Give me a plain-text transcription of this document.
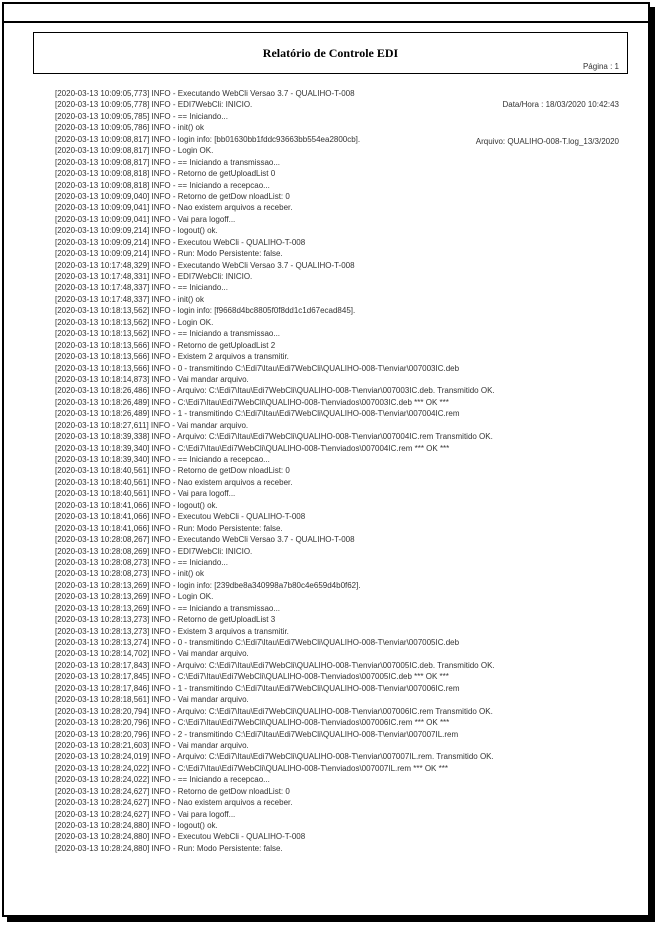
Relatório de Controle EDI

Página : 1

Data/Hora : 18/03/2020 10:42:43

Arquivo: QUALIHO-008-T.log_13/3/2020

[2020-03-13 10:09:05,773] INFO - Executando WebCli Versao 3.7 - QUALIHO-T-008
[2020-03-13 10:09:05,778] INFO - EDI7WebCli: INICIO.
[2020-03-13 10:09:05,785] INFO - == Iniciando...
[2020-03-13 10:09:05,786] INFO - init() ok
[2020-03-13 10:09:08,817] INFO - login info: [bb01630bb1fddc93663bb554ea2800cb].
[2020-03-13 10:09:08,817] INFO - Login OK.
[2020-03-13 10:09:08,817] INFO - == Iniciando a transmissao...
[2020-03-13 10:09:08,818] INFO - Retorno de getUploadList 0
[2020-03-13 10:09:08,818] INFO - == Iniciando a recepcao...
[2020-03-13 10:09:09,040] INFO - Retorno de getDow nloadList: 0
[2020-03-13 10:09:09,041] INFO - Nao existem arquivos a receber.
[2020-03-13 10:09:09,041] INFO - Vai para logoff...
[2020-03-13 10:09:09,214] INFO - logout() ok.
[2020-03-13 10:09:09,214] INFO - Executou WebCli - QUALIHO-T-008
[2020-03-13 10:09:09,214] INFO - Run: Modo Persistente: false.
[2020-03-13 10:17:48,329] INFO - Executando WebCli Versao 3.7 - QUALIHO-T-008
[2020-03-13 10:17:48,331] INFO - EDI7WebCli: INICIO.
[2020-03-13 10:17:48,337] INFO - == Iniciando...
[2020-03-13 10:17:48,337] INFO - init() ok
[2020-03-13 10:18:13,562] INFO - login info: [f9668d4bc8805f0f8dd1c1d67ecad845].
[2020-03-13 10:18:13,562] INFO - Login OK.
[2020-03-13 10:18:13,562] INFO - == Iniciando a transmissao...
[2020-03-13 10:18:13,566] INFO - Retorno de getUploadList 2
[2020-03-13 10:18:13,566] INFO - Existem 2 arquivos a transmitir.
[2020-03-13 10:18:13,566] INFO - 0 - transmitindo C:\Edi7\Itau\Edi7WebCli\QUALIHO-008-T\enviar\007003IC.deb
[2020-03-13 10:18:14,873] INFO - Vai mandar arquivo.
[2020-03-13 10:18:26,486] INFO - Arquivo: C:\Edi7\Itau\Edi7WebCli\QUALIHO-008-T\enviar\007003IC.deb. Transmitido OK.
[2020-03-13 10:18:26,489] INFO - C:\Edi7\Itau\Edi7WebCli\QUALIHO-008-T\enviados\007003IC.deb *** OK ***
[2020-03-13 10:18:26,489] INFO - 1 - transmitindo C:\Edi7\Itau\Edi7WebCli\QUALIHO-008-T\enviar\007004IC.rem
[2020-03-13 10:18:27,611] INFO - Vai mandar arquivo.
[2020-03-13 10:18:39,338] INFO - Arquivo: C:\Edi7\Itau\Edi7WebCli\QUALIHO-008-T\enviar\007004IC.rem Transmitido OK.
[2020-03-13 10:18:39,340] INFO - C:\Edi7\Itau\Edi7WebCli\QUALIHO-008-T\enviados\007004IC.rem *** OK ***
[2020-03-13 10:18:39,340] INFO - == Iniciando a recepcao...
[2020-03-13 10:18:40,561] INFO - Retorno de getDow nloadList: 0
[2020-03-13 10:18:40,561] INFO - Nao existem arquivos a receber.
[2020-03-13 10:18:40,561] INFO - Vai para logoff...
[2020-03-13 10:18:41,066] INFO - logout() ok.
[2020-03-13 10:18:41,066] INFO - Executou WebCli - QUALIHO-T-008
[2020-03-13 10:18:41,066] INFO - Run: Modo Persistente: false.
[2020-03-13 10:28:08,267] INFO - Executando WebCli Versao 3.7 - QUALIHO-T-008
[2020-03-13 10:28:08,269] INFO - EDI7WebCli: INICIO.
[2020-03-13 10:28:08,273] INFO - == Iniciando...
[2020-03-13 10:28:08,273] INFO - init() ok
[2020-03-13 10:28:13,269] INFO - login info: [239dbe8a340998a7b80c4e659d4b0f62].
[2020-03-13 10:28:13,269] INFO - Login OK.
[2020-03-13 10:28:13,269] INFO - == Iniciando a transmissao...
[2020-03-13 10:28:13,273] INFO - Retorno de getUploadList 3
[2020-03-13 10:28:13,273] INFO - Existem 3 arquivos a transmitir.
[2020-03-13 10:28:13,274] INFO - 0 - transmitindo C:\Edi7\Itau\Edi7WebCli\QUALIHO-008-T\enviar\007005IC.deb
[2020-03-13 10:28:14,702] INFO - Vai mandar arquivo.
[2020-03-13 10:28:17,843] INFO - Arquivo: C:\Edi7\Itau\Edi7WebCli\QUALIHO-008-T\enviar\007005IC.deb. Transmitido OK.
[2020-03-13 10:28:17,845] INFO - C:\Edi7\Itau\Edi7WebCli\QUALIHO-008-T\enviados\007005IC.deb *** OK ***
[2020-03-13 10:28:17,846] INFO - 1 - transmitindo C:\Edi7\Itau\Edi7WebCli\QUALIHO-008-T\enviar\007006IC.rem
[2020-03-13 10:28:18,561] INFO - Vai mandar arquivo.
[2020-03-13 10:28:20,794] INFO - Arquivo: C:\Edi7\Itau\Edi7WebCli\QUALIHO-008-T\enviar\007006IC.rem Transmitido OK.
[2020-03-13 10:28:20,796] INFO - C:\Edi7\Itau\Edi7WebCli\QUALIHO-008-T\enviados\007006IC.rem *** OK ***
[2020-03-13 10:28:20,796] INFO - 2 - transmitindo C:\Edi7\Itau\Edi7WebCli\QUALIHO-008-T\enviar\007007IL.rem
[2020-03-13 10:28:21,603] INFO - Vai mandar arquivo.
[2020-03-13 10:28:24,019] INFO - Arquivo: C:\Edi7\Itau\Edi7WebCli\QUALIHO-008-T\enviar\007007IL.rem. Transmitido OK.
[2020-03-13 10:28:24,022] INFO - C:\Edi7\Itau\Edi7WebCli\QUALIHO-008-T\enviados\007007IL.rem *** OK ***
[2020-03-13 10:28:24,022] INFO - == Iniciando a recepcao...
[2020-03-13 10:28:24,627] INFO - Retorno de getDow nloadList: 0
[2020-03-13 10:28:24,627] INFO - Nao existem arquivos a receber.
[2020-03-13 10:28:24,627] INFO - Vai para logoff...
[2020-03-13 10:28:24,880] INFO - logout() ok.
[2020-03-13 10:28:24,880] INFO - Executou WebCli - QUALIHO-T-008
[2020-03-13 10:28:24,880] INFO - Run: Modo Persistente: false.
